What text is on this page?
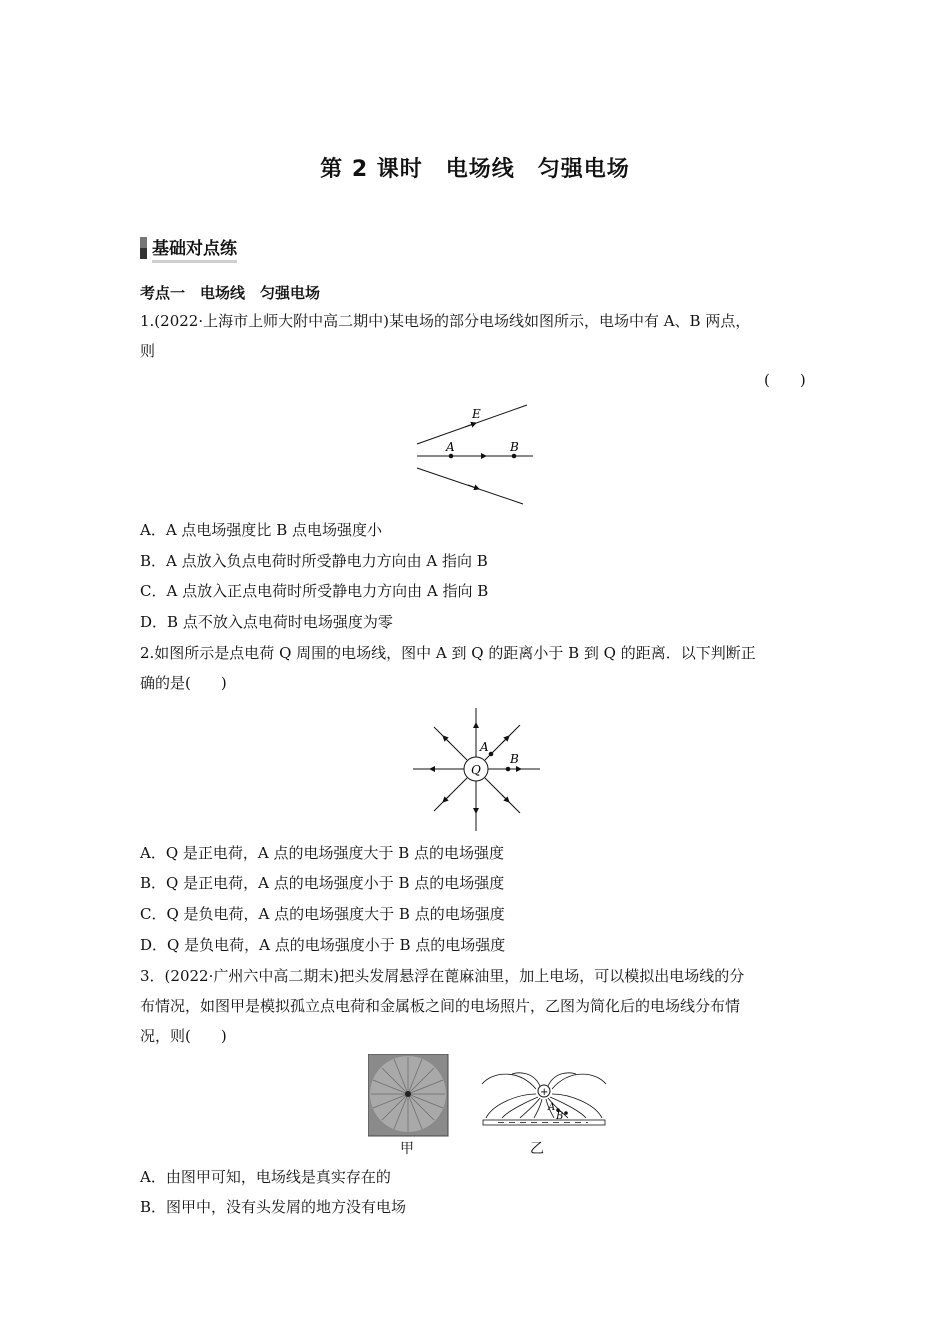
第 2 课时　电场线　匀强电场
基础对点练
考点一　电场线　匀强电场
1.(2022·上海市上师大附中高二期中)某电场的部分电场线如图所示，电场中有 A、B 两点，
则
(　　)
E
A	B
A．A 点电场强度比 B 点电场强度小
B．A 点放入负点电荷时所受静电力方向由 A 指向 B
C．A 点放入正点电荷时所受静电力方向由 A 指向 B
D．B 点不放入点电荷时电场强度为零
2.如图所示是点电荷 Q 周围的电场线，图中 A 到 Q 的距离小于 B 到 Q 的距离．以下判断正
确的是(　　)
Q
A
B
A．Q 是正电荷，A 点的电场强度大于 B 点的电场强度
B．Q 是正电荷，A 点的电场强度小于 B 点的电场强度
C．Q 是负电荷，A 点的电场强度大于 B 点的电场强度
D．Q 是负电荷，A 点的电场强度小于 B 点的电场强度
3．(2022·广州六中高二期末)把头发屑悬浮在蓖麻油里，加上电场，可以模拟出电场线的分
布情况，如图甲是模拟孤立点电荷和金属板之间的电场照片，乙图为简化后的电场线分布情
况，则(　　)
甲
+
A
B
乙
A．由图甲可知，电场线是真实存在的
B．图甲中，没有头发屑的地方没有电场
